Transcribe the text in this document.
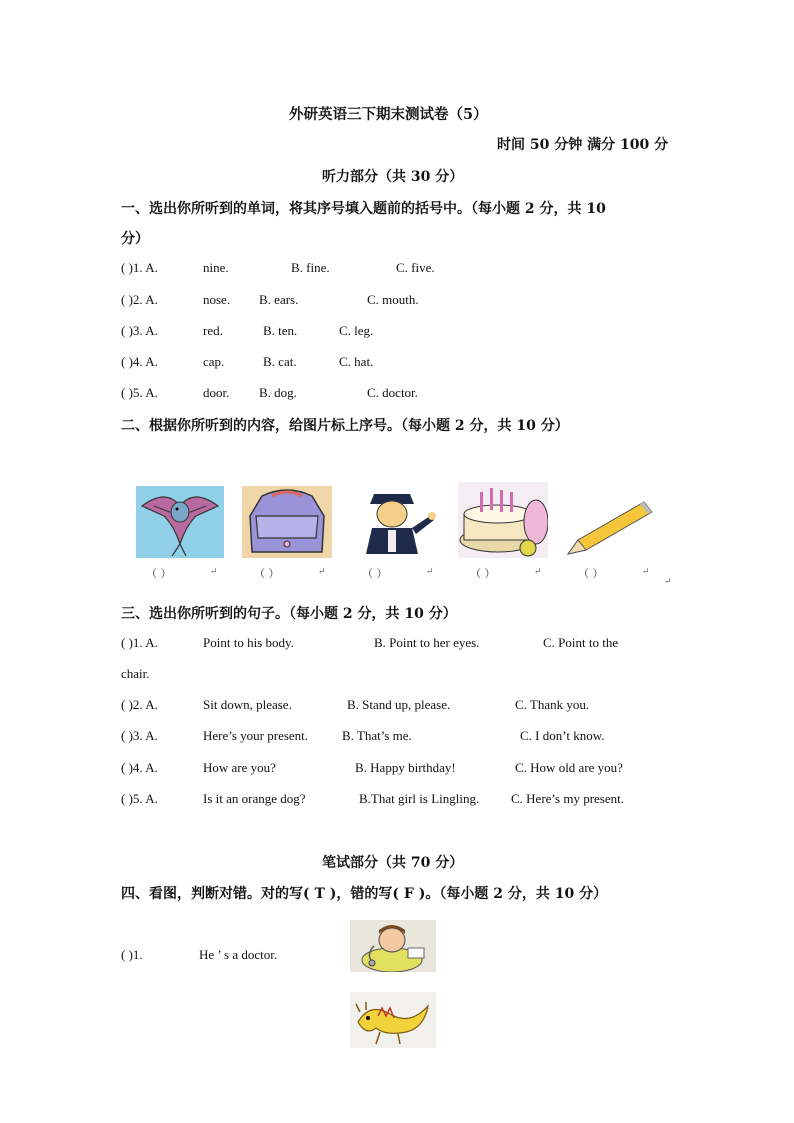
外研英语三下期末测试卷（5）
时间 50 分钟 满分 100 分
听力部分（共 30 分）
一、选出你所听到的单词，将其序号填入题前的括号中。（每小题 2 分，共 10
分）
( )1. A.	nine.	B. fine.	C. five.
( )2. A.	nose. B. ears.	C. mouth.
( )3. A.	red.	B. ten.	C. leg.
( )4. A.	cap.	B. cat.	C. hat.
( )5. A.	door. B. dog.	C. doctor.
二、根据你所听到的内容，给图片标上序号。（每小题 2 分，共 10 分）
（ ）	↵	（ ）	↵	（ ）	↵	（ ）	↵	（ ）	↵
↵
三、选出你所听到的句子。（每小题 2 分，共 10 分）
( )1. A.	Point to his body.	B. Point to her eyes.	C. Point to the
chair.
( )2. A.	Sit down, please.	B. Stand up, please.	C. Thank you.
( )3. A.	Here’s your present.	B. That’s me.	C. I don’t know.
( )4. A.	How are you?	B. Happy birthday!	C. How old are you?
( )5. A.	Is it an orange dog?	B.That girl is Lingling. C. Here’s my present.
笔试部分（共 70 分）
四、看图，判断对错。对的写( T )，错的写( F )。（每小题 2 分，共 10 分）
( )1.	He ’ s a doctor.
